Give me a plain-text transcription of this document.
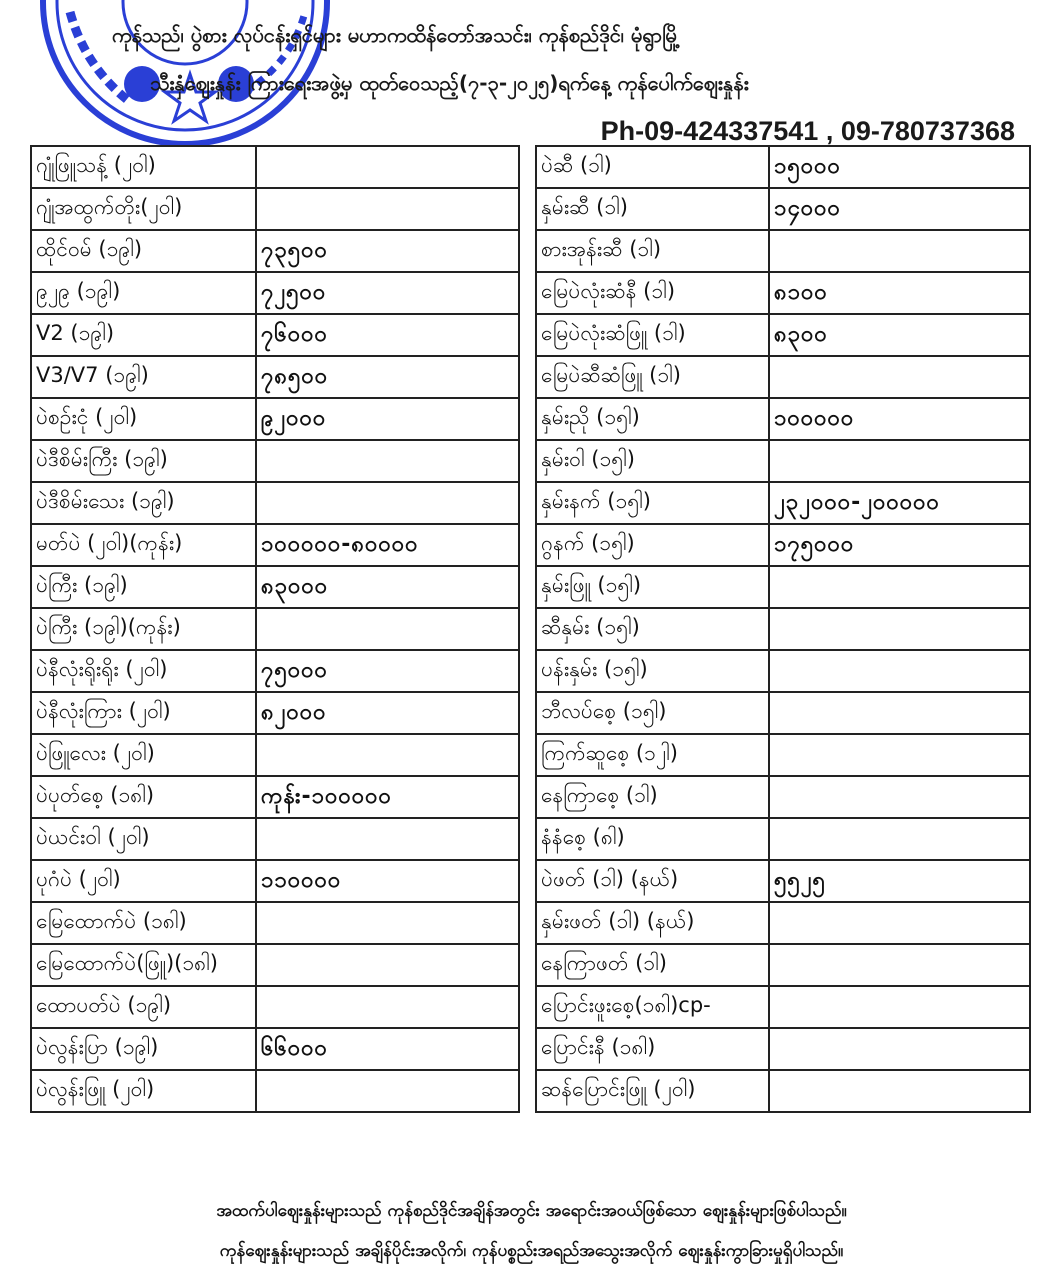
ကုန်သည်၊ ပွဲစား လုပ်ငန်းရှင်များ မဟာကထိန်တော်အသင်း၊ ကုန်စည်ဒိုင်၊ မုံရွာမြို့
သီးနှံဈေးနှုန်း ကြားရေးအဖွဲ့မှ ထုတ်ဝေသည့်(၇-၃-၂၀၂၅)ရက်နေ့ ကုန်ပေါက်ဈေးနှုန်း
Ph-09-424337541 , 09-780737368
ဂျုံဖြူသန့် (၂ဝါ)	
ဂျုံအထွက်တိုး(၂ဝါ)	
ထိုင်ဝမ် (၁၉ါ)	၇၃၅၀၀
၉၂၉ (၁၉ါ)	၇၂၅၀၀
V2 (၁၉ါ)	၇၆၀၀၀
V3/V7 (၁၉ါ)	၇၈၅၀၀
ပဲစဉ်းငုံ (၂ဝါ)	၉၂၀၀၀
ပဲဒီစိမ်းကြီး (၁၉ါ)	
ပဲဒီစိမ်းသေး (၁၉ါ)	
မတ်ပဲ (၂ဝါ)(ကုန်း)	၁၀၀၀၀၀-၈၀၀၀၀
ပဲကြီး (၁၉ါ)	၈၃၀၀၀
ပဲကြီး (၁၉ါ)(ကုန်း)	
ပဲနီလုံးရိုးရိုး (၂ဝါ)	၇၅၀၀၀
ပဲနီလုံးကြား (၂ဝါ)	၈၂၀၀၀
ပဲဖြူလေး (၂ဝါ)	
ပဲပုတ်စေ့ (၁၈ါ)	ကုန်း-၁၀၀၀၀၀
ပဲယင်းဝါ (၂ဝါ)	
ပုဂံပဲ (၂ဝါ)	၁၁၀၀၀၀
မြေထောက်ပဲ (၁၈ါ)	
မြေထောက်ပဲ(ဖြူ)(၁၈ါ)	
ထောပတ်ပဲ (၁၉ါ)	
ပဲလွန်းပြာ (၁၉ါ)	၆၆၀၀၀
ပဲလွန်းဖြူ (၂ဝါ)	
ပဲဆီ (၁ါ)	၁၅၀၀၀
နှမ်းဆီ (၁ါ)	၁၄၀၀၀
စားအုန်းဆီ (၁ါ)	
မြေပဲလုံးဆံနီ (၁ါ)	၈၁၀၀
မြေပဲလုံးဆံဖြူ (၁ါ)	၈၃၀၀
မြေပဲဆီဆံဖြူ (၁ါ)	
နှမ်းညို (၁၅ါ)	၁၀၀၀၀၀
နှမ်းဝါ (၁၅ါ)	
နှမ်းနက် (၁၅ါ)	၂၃၂၀၀၀-၂၀၀၀၀၀
ဂွနက် (၁၅ါ)	၁၇၅၀၀၀
နှမ်းဖြူ (၁၅ါ)	
ဆီနှမ်း (၁၅ါ)	
ပန်းနှမ်း (၁၅ါ)	
ဘီလပ်စေ့ (၁၅ါ)	
ကြက်ဆူစေ့ (၁၂ါ)	
နေကြာစေ့ (၁ါ)	
နံနံစေ့ (၈ါ)	
ပဲဖတ် (၁ါ) (နယ်)	၅၅၂၅
နှမ်းဖတ် (၁ါ) (နယ်)	
နေကြာဖတ် (၁ါ)	
ပြောင်းဖူးစေ့(၁၈ါ)cp-	
ပြောင်းနီ (၁၈ါ)	
ဆန်ပြောင်းဖြူ (၂ဝါ)	
အထက်ပါဈေးနှုန်းများသည် ကုန်စည်ဒိုင်အချိန်အတွင်း အရောင်းအဝယ်ဖြစ်သော ဈေးနှုန်းများဖြစ်ပါသည်။
ကုန်ဈေးနှုန်းများသည် အချိန်ပိုင်းအလိုက်၊ ကုန်ပစ္စည်းအရည်အသွေးအလိုက် ဈေးနှုန်းကွာခြားမှုရှိပါသည်။
